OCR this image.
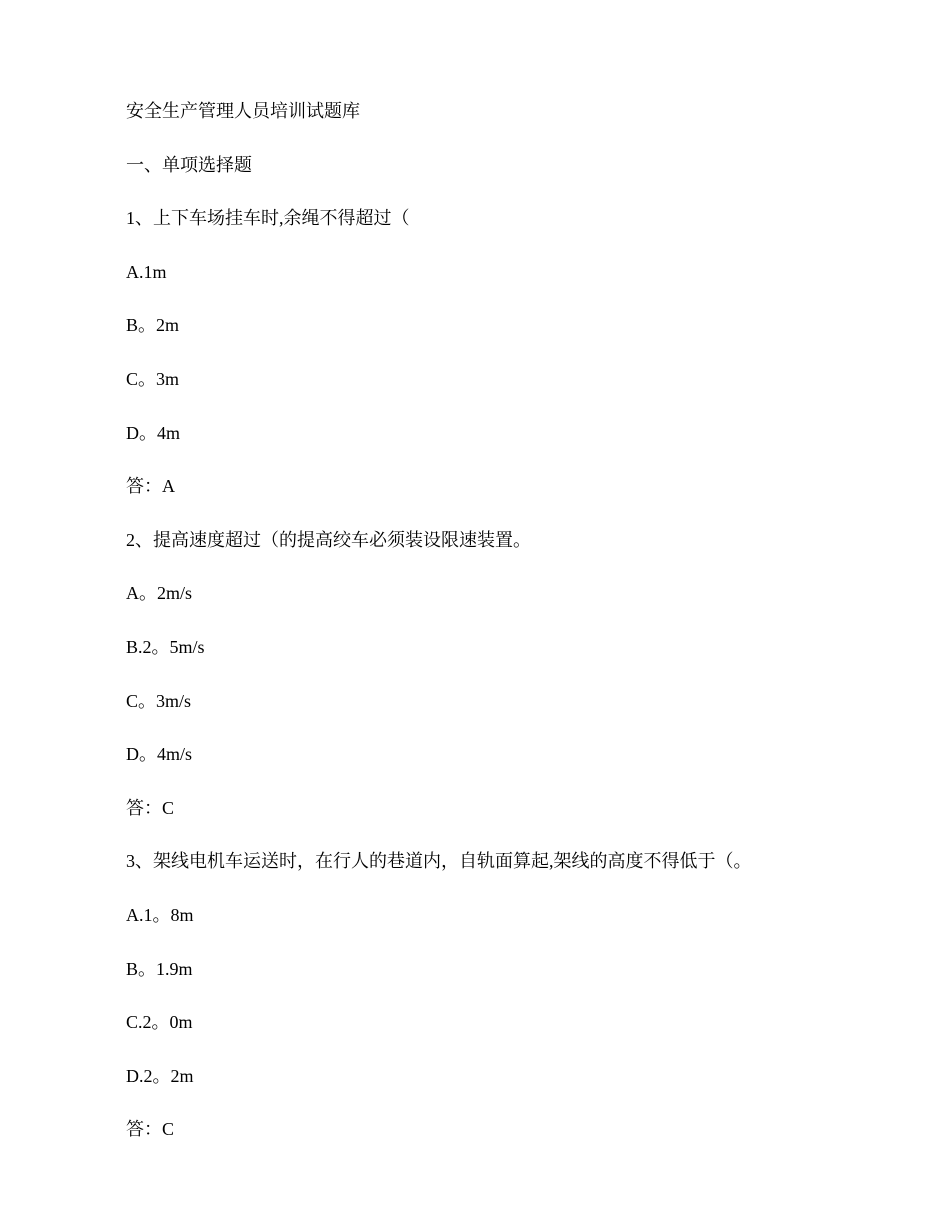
安全生产管理人员培训试题库
一、单项选择题
1、上下车场挂车时,余绳不得超过（
A.1m
B。2m
C。3m
D。4m
答：A
2、提高速度超过（的提高绞车必须装设限速装置。
A。2m/s
B.2。5m/s
C。3m/s
D。4m/s
答：C
3、架线电机车运送时，在行人的巷道内，自轨面算起,架线的高度不得低于（。
A.1。8m
B。1.9m
C.2。0m
D.2。2m
答：C
